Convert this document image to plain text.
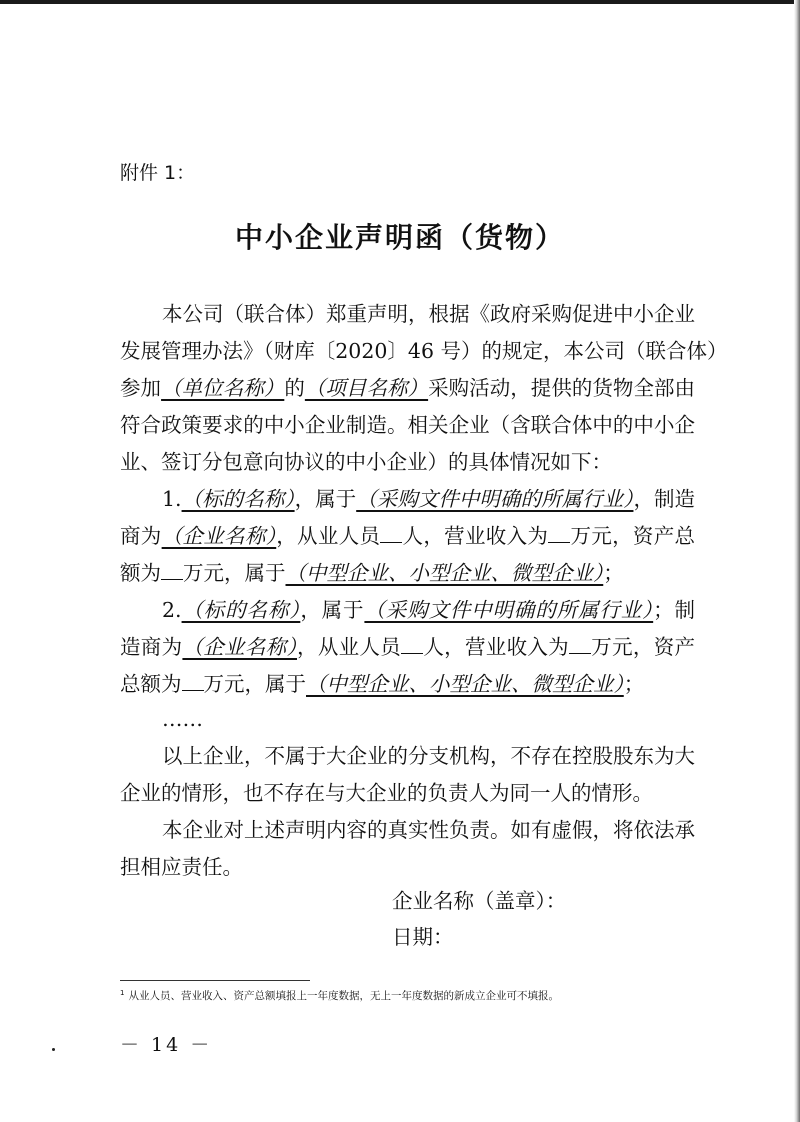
附件 1：
中小企业声明函（货物）
本公司（联合体）郑重声明，根据《政府采购促进中小企业
发展管理办法》（财库〔2020〕46 号）的规定，本公司（联合体）
参加（单位名称）的（项目名称）采购活动，提供的货物全部由
符合政策要求的中小企业制造。相关企业（含联合体中的中小企
业、签订分包意向协议的中小企业）的具体情况如下：
1.（标的名称），属于（采购文件中明确的所属行业），制造
商为（企业名称），从业人员 人，营业收入为 万元，资产总
额为 万元，属于（中型企业、小型企业、微型企业）；
2.（标的名称），属于（采购文件中明确的所属行业）；制
造商为（企业名称），从业人员 人，营业收入为 万元，资产
总额为 万元，属于（中型企业、小型企业、微型企业）；
……
以上企业，不属于大企业的分支机构，不存在控股股东为大
企业的情形，也不存在与大企业的负责人为同一人的情形。
本企业对上述声明内容的真实性负责。如有虚假，将依法承
担相应责任。
企业名称（盖章）：
日期：
$^1$ 从业人员、营业收入、资产总额填报上一年度数据，无上一年度数据的新成立企业可不填报。
－ 14 －
